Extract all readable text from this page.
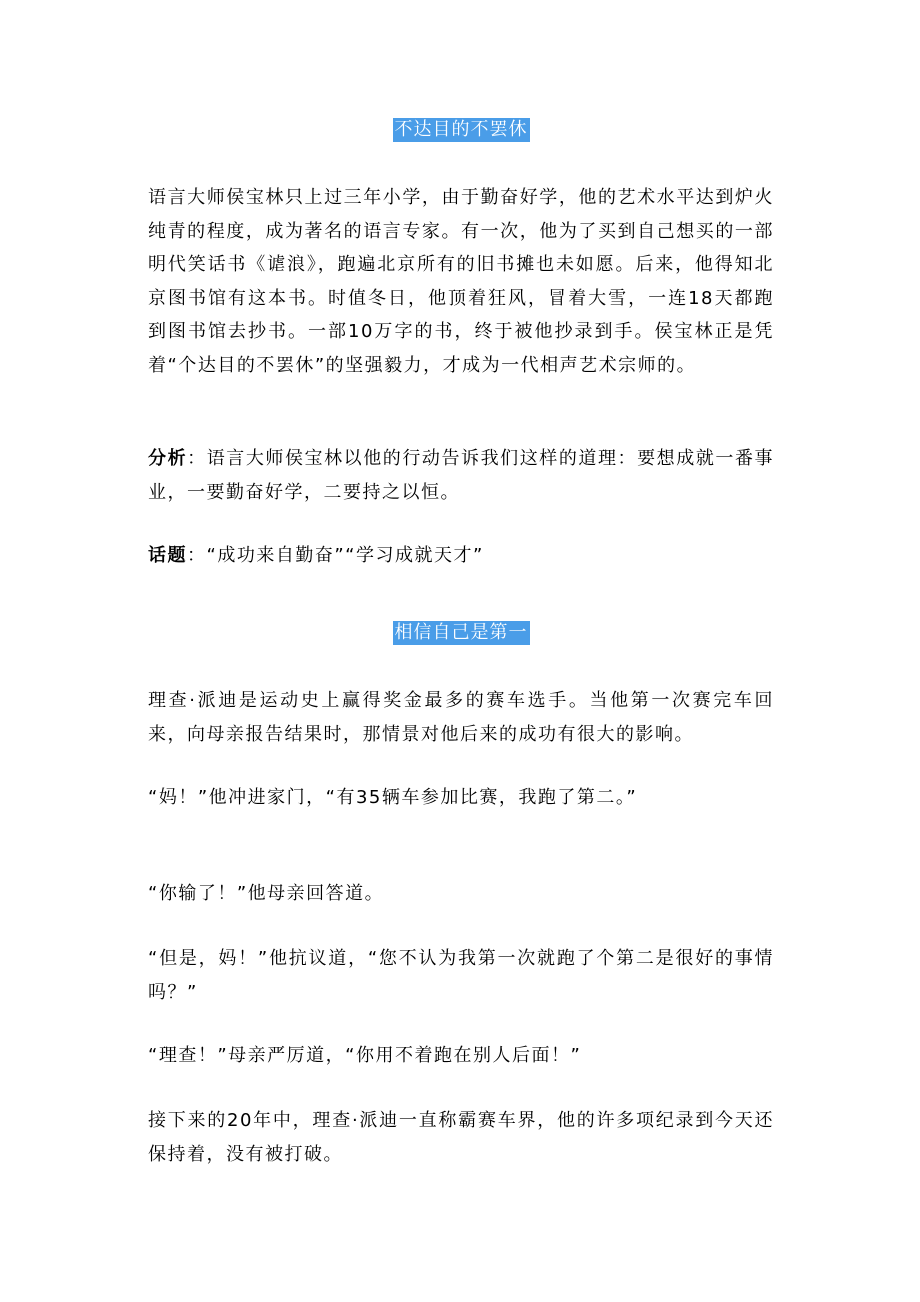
不达目的不罢休

语言大师侯宝林只上过三年小学，由于勤奋好学，他的艺术水平达到炉火纯青的程度，成为著名的语言专家。有一次，他为了买到自己想买的一部明代笑话书《谑浪》，跑遍北京所有的旧书摊也未如愿。后来，他得知北京图书馆有这本书。时值冬日，他顶着狂风，冒着大雪，一连18天都跑到图书馆去抄书。一部10万字的书，终于被他抄录到手。侯宝林正是凭着“个达目的不罢休”的坚强毅力，才成为一代相声艺术宗师的。

分析：语言大师侯宝林以他的行动告诉我们这样的道理：要想成就一番事业，一要勤奋好学，二要持之以恒。

话题：“成功来自勤奋”“学习成就天才”

相信自己是第一

理查·派迪是运动史上赢得奖金最多的赛车选手。当他第一次赛完车回来，向母亲报告结果时，那情景对他后来的成功有很大的影响。

“妈！”他冲进家门，“有35辆车参加比赛，我跑了第二。”

“你输了！”他母亲回答道。

“但是，妈！”他抗议道，“您不认为我第一次就跑了个第二是很好的事情吗？”

“理查！”母亲严厉道，“你用不着跑在别人后面！”

接下来的20年中，理查·派迪一直称霸赛车界，他的许多项纪录到今天还保持着，没有被打破。
